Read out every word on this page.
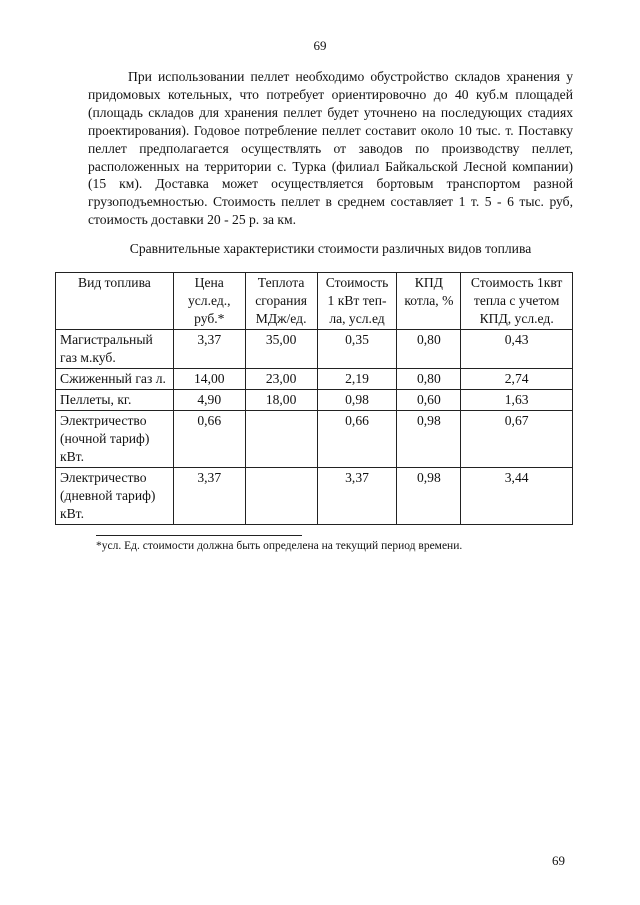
69
При использовании пеллет необходимо обустройство складов хранения у придомовых котельных, что потребует ориентировочно до 40 куб.м площадей (площадь складов для хранения пеллет будет уточнено на последующих стадиях проектирования). Годовое потребление пеллет составит около 10 тыс. т. Поставку пеллет предполагается осуществлять от заводов по производству пеллет, расположенных на территории с. Турка (филиал Байкальской Лесной компании) (15 км). Доставка может осуществляется бортовым транспортом разной грузоподъемностью. Стоимость пеллет в среднем составляет 1 т. 5 - 6 тыс. руб, стоимость доставки 20 - 25 р. за км.
Сравнительные характеристики стоимости различных видов топлива
Вид топлива	Цена усл.ед., руб.*	Теплота сгорания МДж/ед.	Стоимость 1 кВт теп-ла, усл.ед	КПД котла, %	Стоимость 1квт тепла с учетом КПД, усл.ед.
Магистральный газ м.куб.	3,37	35,00	0,35	0,80	0,43
Сжиженный газ л.	14,00	23,00	2,19	0,80	2,74
Пеллеты, кг.	4,90	18,00	0,98	0,60	1,63
Электричество (ночной тариф) кВт.	0,66		0,66	0,98	0,67
Электричество (дневной тариф) кВт.	3,37		3,37	0,98	3,44
*усл. Ед. стоимости должна быть определена на текущий период времени.
69
